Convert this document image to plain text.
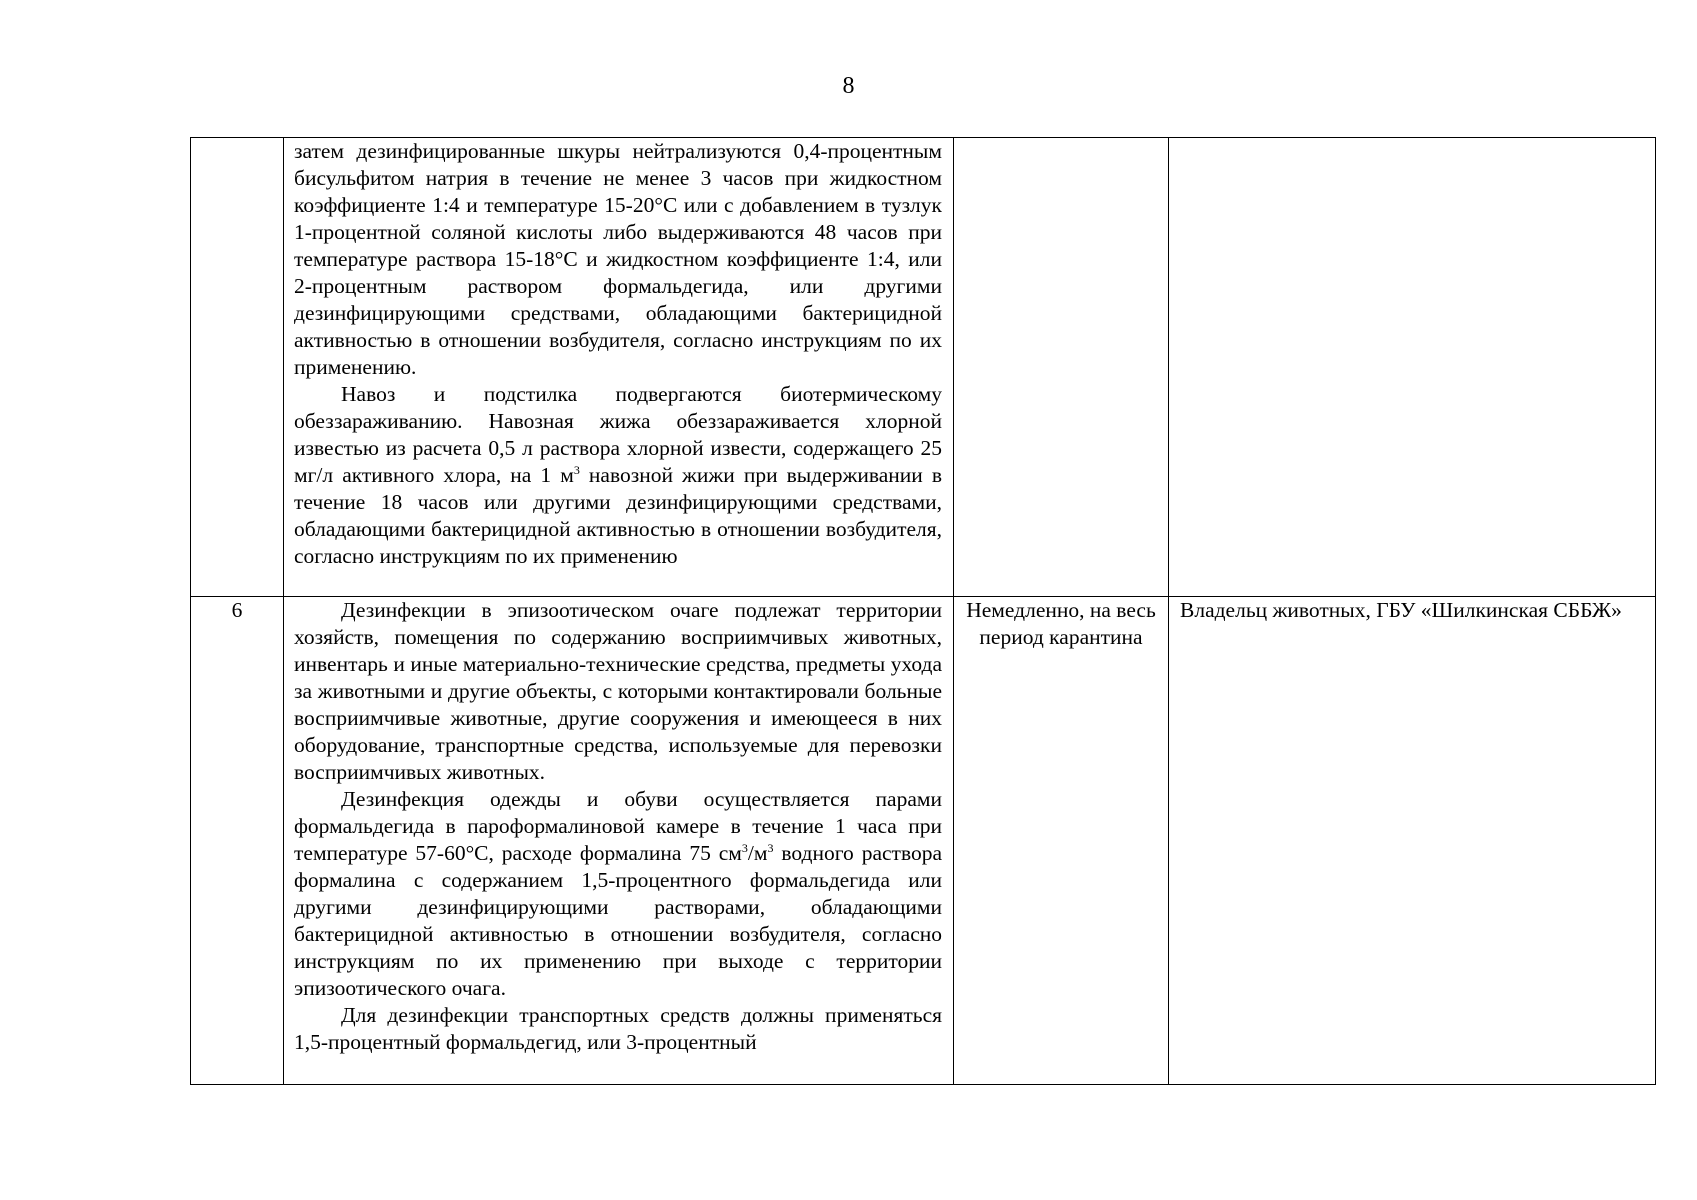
8

	затем дезинфицированные шкуры нейтрализуются 0,4-процентным бисульфитом натрия в течение не менее 3 часов при жидкостном коэффициенте 1:4 и температуре 15-20°С или с добавлением в тузлук 1-процентной соляной кислоты либо выдерживаются 48 часов при температуре раствора 15-18°С и жидкостном коэффициенте 1:4, или 2-процентным раствором формальдегида, или другими дезинфицирующими средствами, обладающими бактерицидной активностью в отношении возбудителя, согласно инструкциям по их применению.

Навоз и подстилка подвергаются биотермическому обеззараживанию. Навозная жижа обеззараживается хлорной известью из расчета 0,5 л раствора хлорной извести, содержащего 25 мг/л активного хлора, на 1 $м^3$ навозной жижи при выдерживании в течение 18 часов или другими дезинфицирующими средствами, обладающими бактерицидной активностью в отношении возбудителя, согласно инструкциям по их применению		

6	Дезинфекции в эпизоотическом очаге подлежат территории хозяйств, помещения по содержанию восприимчивых животных, инвентарь и иные материально-технические средства, предметы ухода за животными и другие объекты, с которыми контактировали больные восприимчивые животные, другие сооружения и имеющееся в них оборудование, транспортные средства, используемые для перевозки восприимчивых животных.

Дезинфекция одежды и обуви осуществляется парами формальдегида в пароформалиновой камере в течение 1 часа при температуре 57-60°С, расходе формалина 75 $см^3/м^3$ водного раствора формалина с содержанием 1,5-процентного формальдегида или другими дезинфицирующими растворами, обладающими бактерицидной активностью в отношении возбудителя, согласно инструкциям по их применению при выходе с территории эпизоотического очага.

Для дезинфекции транспортных средств должны применяться 1,5-процентный формальдегид, или 3-процентный	Немедленно, на весь период карантина	Владельц животных, ГБУ «Шилкинская СББЖ»
